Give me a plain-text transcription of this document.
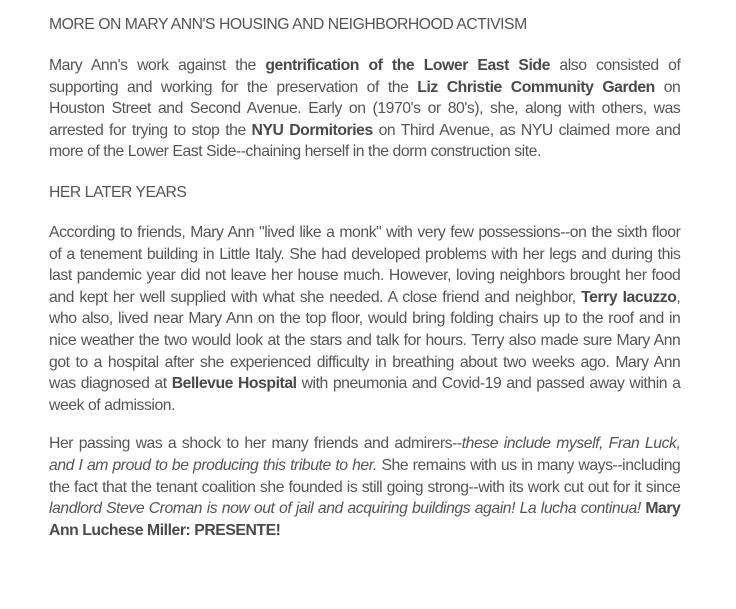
MORE ON MARY ANN'S HOUSING AND NEIGHBORHOOD ACTIVISM

Mary Ann's work against the gentrification of the Lower East Side also consisted of supporting and working for the preservation of the Liz Christie Community Garden on Houston Street and Second Avenue. Early on (1970's or 80's), she, along with others, was arrested for trying to stop the NYU Dormitories on Third Avenue, as NYU claimed more and more of the Lower East Side--chaining herself in the dorm construction site.

HER LATER YEARS

According to friends, Mary Ann "lived like a monk" with very few possessions--on the sixth floor of a tenement building in Little Italy. She had developed problems with her legs and during this last pandemic year did not leave her house much. However, loving neighbors brought her food and kept her well supplied with what she needed. A close friend and neighbor, Terry Iacuzzo, who also, lived near Mary Ann on the top floor, would bring folding chairs up to the roof and in nice weather the two would look at the stars and talk for hours. Terry also made sure Mary Ann got to a hospital after she experienced difficulty in breathing about two weeks ago. Mary Ann was diagnosed at Bellevue Hospital with pneumonia and Covid-19 and passed away within a week of admission.

Her passing was a shock to her many friends and admirers--these include myself, Fran Luck, and I am proud to be producing this tribute to her. She remains with us in many ways--including the fact that the tenant coalition she founded is still going strong--with its work cut out for it since landlord Steve Croman is now out of jail and acquiring buildings again! La lucha continua! Mary Ann Luchese Miller: PRESENTE!
